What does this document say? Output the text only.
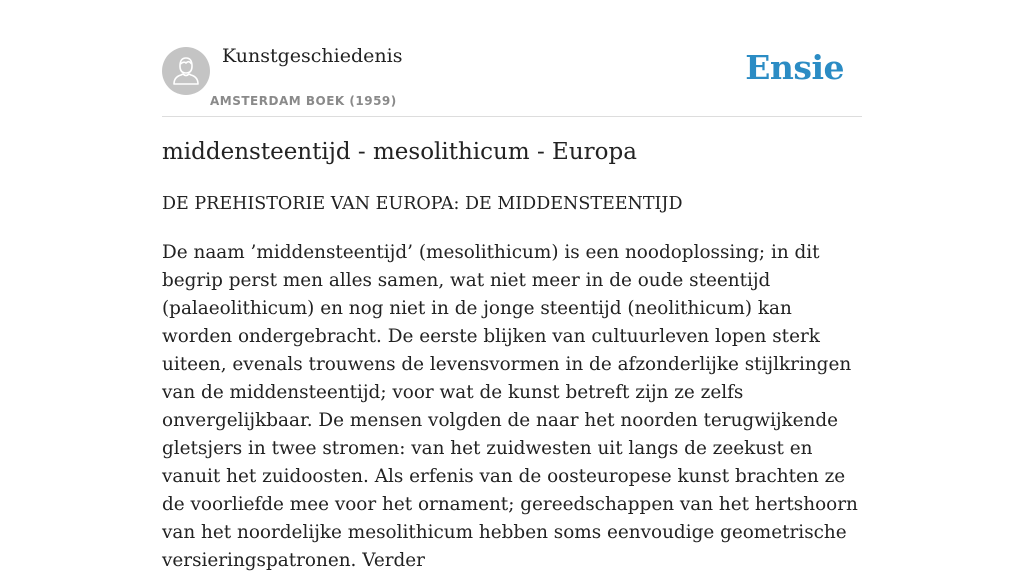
Kunstgeschiedenis
AMSTERDAM BOEK (1959)
Ensie
middensteentijd - mesolithicum - Europa

DE PREHISTORIE VAN EUROPA: DE MIDDENSTEENTIJD

De naam ’middensteentijd’ (mesolithicum) is een noodoplossing; in dit begrip perst men alles samen, wat niet meer in de oude steentijd (palaeolithicum) en nog niet in de jonge steentijd (neolithicum) kan worden ondergebracht. De eerste blijken van cultuurleven lopen sterk uiteen, evenals trouwens de levensvormen in de afzonderlijke stijlkringen van de middensteentijd; voor wat de kunst betreft zijn ze zelfs onvergelijkbaar. De mensen volgden de naar het noorden terugwijkende gletsjers in twee stromen: van het zuidwesten uit langs de zeekust en vanuit het zuidoosten. Als erfenis van de oosteuropese kunst brachten ze de voorliefde mee voor het ornament; gereedschappen van het hertshoorn van het noordelijke mesolithicum hebben soms eenvoudige geometrische versieringspatronen. Verder
